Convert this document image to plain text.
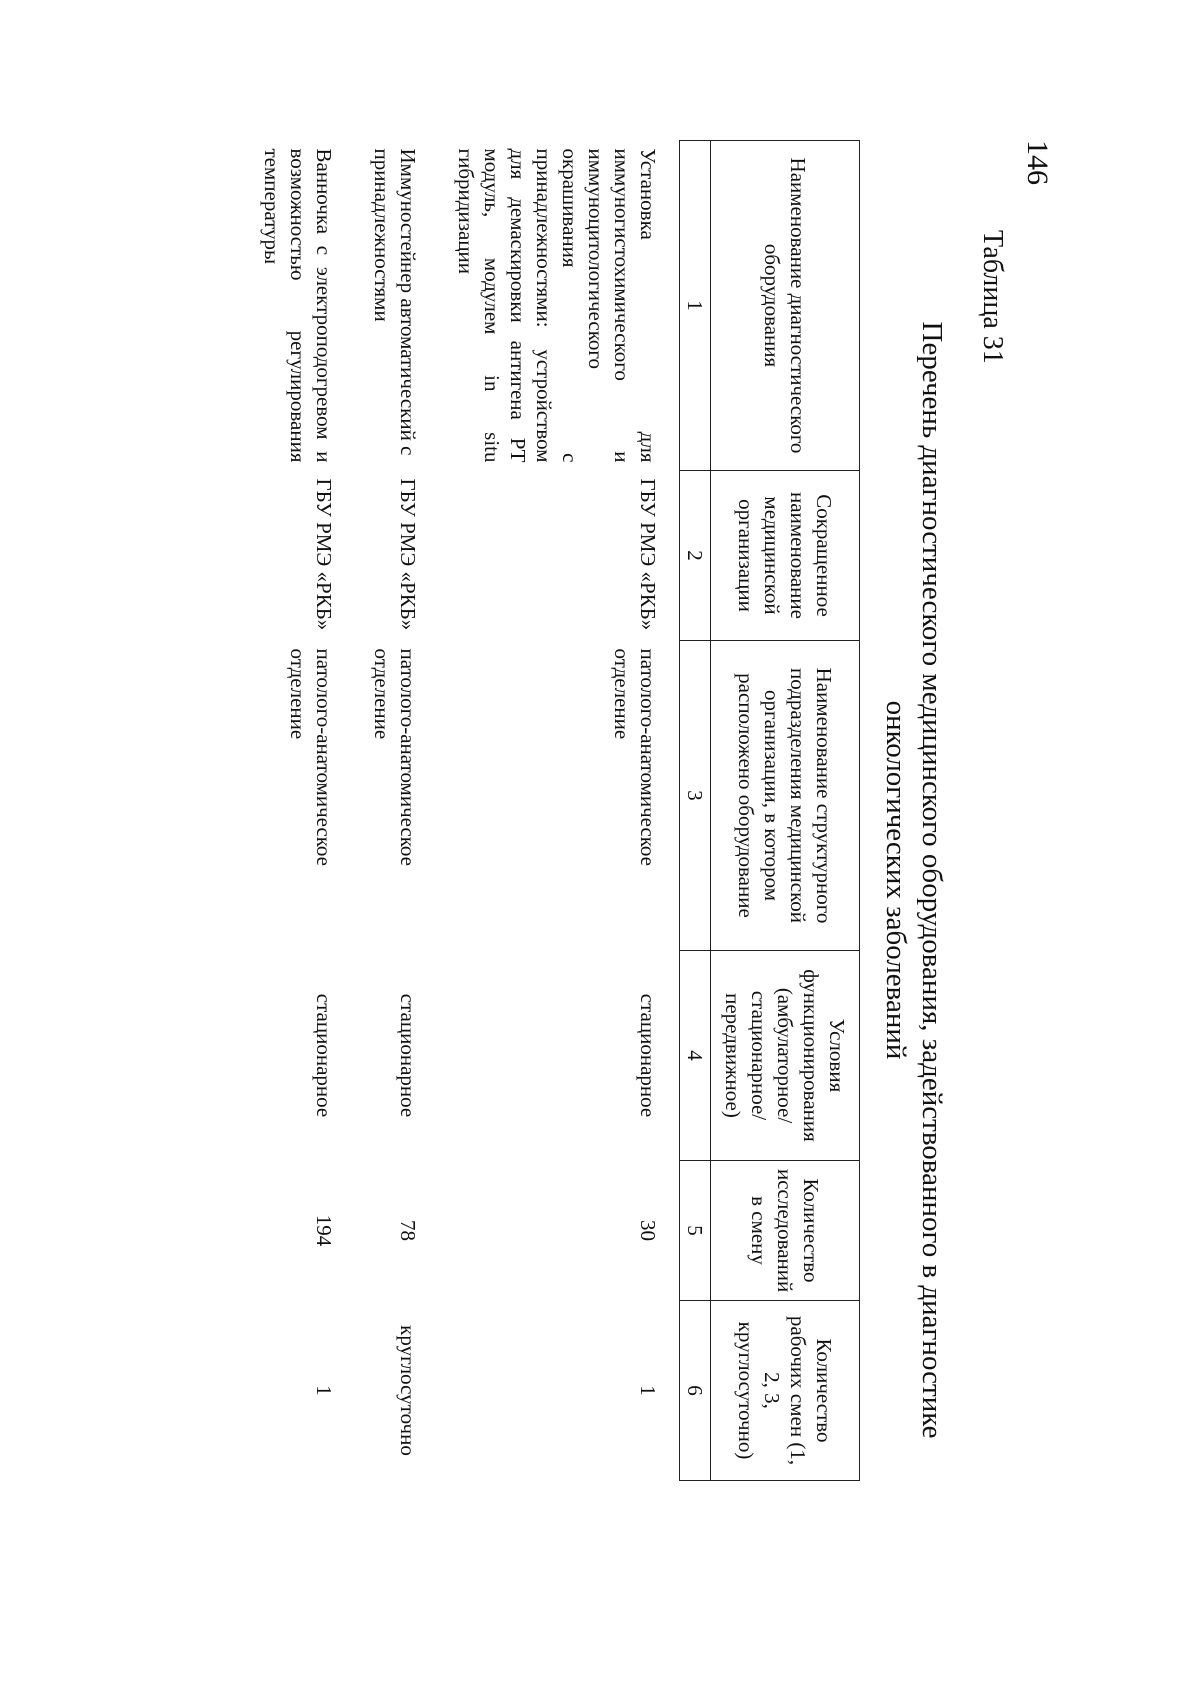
146
Таблица 31
Перечень диагностического медицинского оборудования, задействованного в диагностике онкологических заболеваний
Наименование диагностического оборудования	Сокращенное наименование медицинской организации	Наименование структурного подразделения медицинской организации, в котором расположено оборудование	Условия функционирования (амбулаторное/ стационарное/ передвижное)	Количество исследований в смену	Количество рабочих смен (1, 2, 3, круглосуточно)
1	2	3	4	5	6
Установка для иммуногистохимического и иммуноцитологического окрашивания с принадлежностями: устройством для демаскировки антигена РТ модуль, модулем in situ гибридизации	ГБУ РМЭ «РКБ»	патолого-анатомическое отделение	стационарное	30	1
Иммуностейнер автоматический с принадлежностями	ГБУ РМЭ «РКБ»	патолого-анатомическое отделение	стационарное	78	круглосуточно
Ванночка с электроподогревом и возможностью регулирования температуры	ГБУ РМЭ «РКБ»	патолого-анатомическое отделение	стационарное	194	1
